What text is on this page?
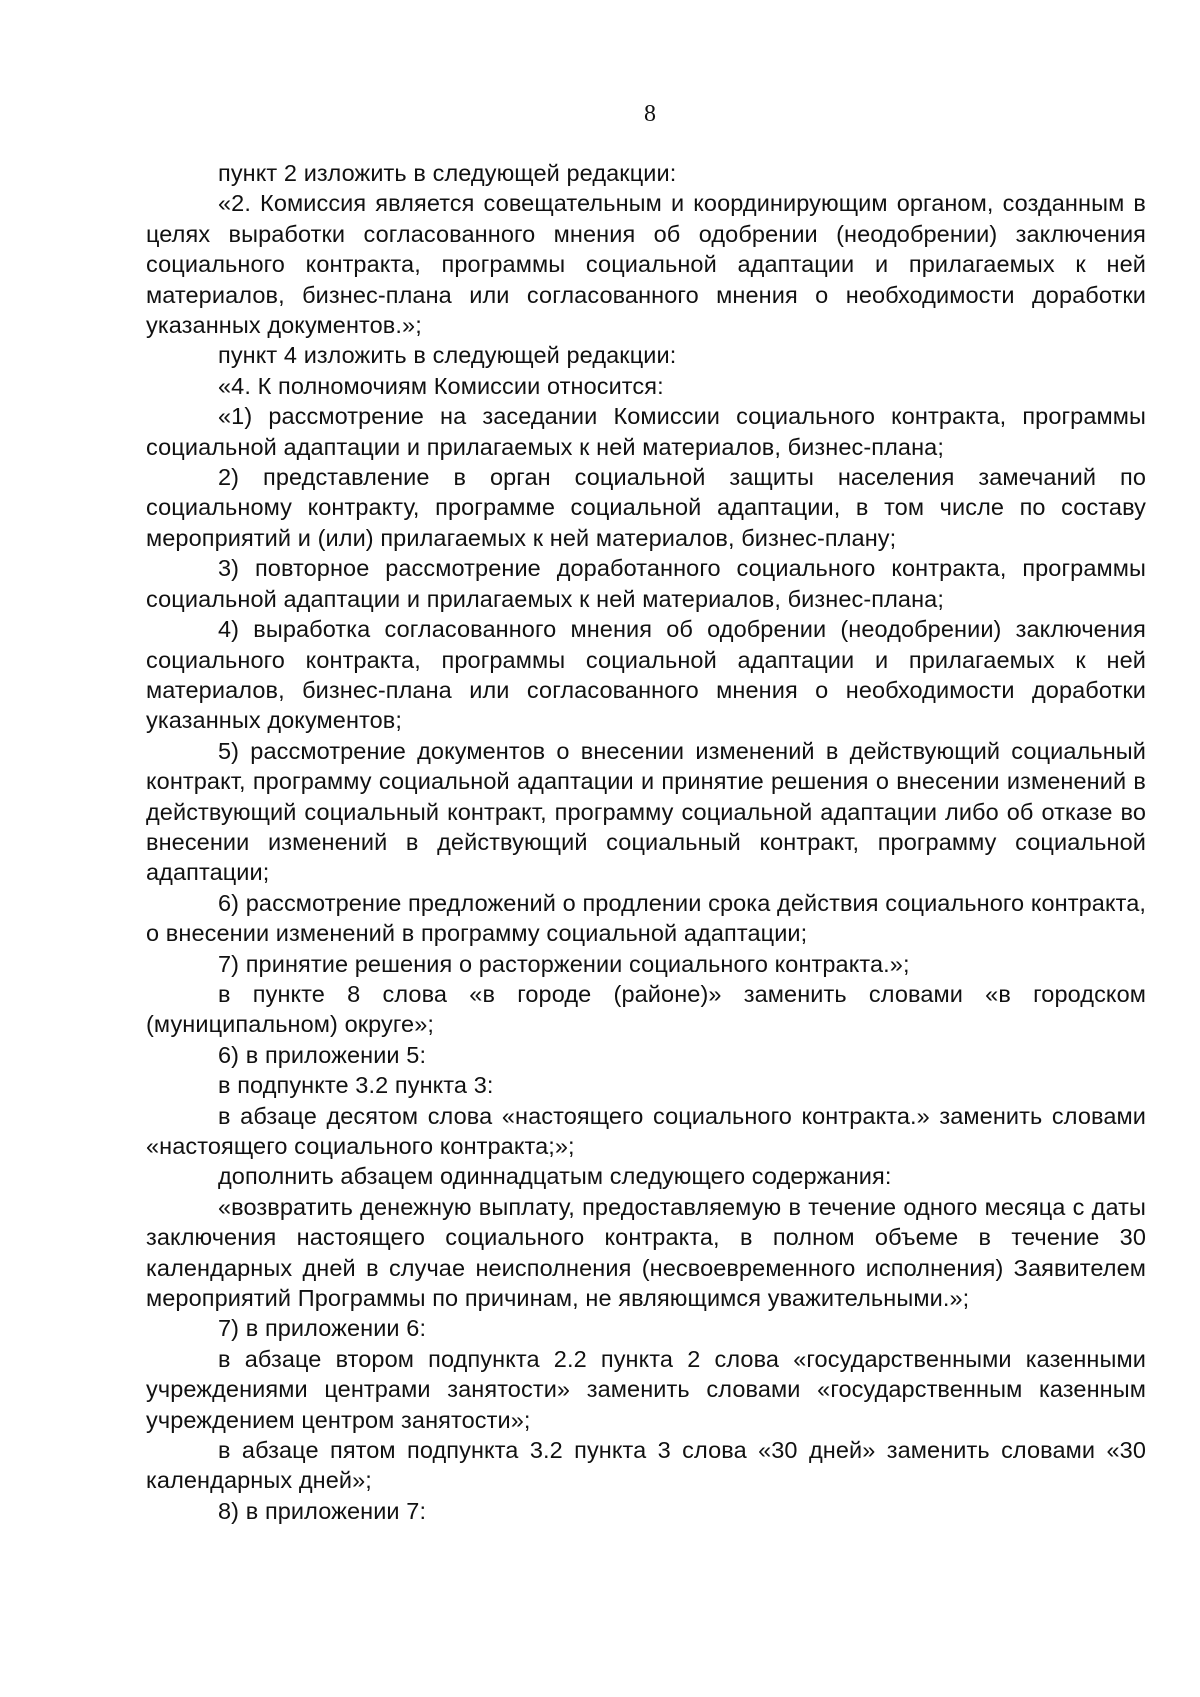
8

пункт 2 изложить в следующей редакции:

«2. Комиссия является совещательным и координирующим органом, созданным в целях выработки согласованного мнения об одобрении (неодобрении) заключения социального контракта, программы социальной адаптации и прилагаемых к ней материалов, бизнес-плана или согласованного мнения о необходимости доработки указанных документов.»;

пункт 4 изложить в следующей редакции:

«4. К полномочиям Комиссии относится:

«1) рассмотрение на заседании Комиссии социального контракта, программы социальной адаптации и прилагаемых к ней материалов, бизнес-плана;

2) представление в орган социальной защиты населения замечаний по социальному контракту, программе социальной адаптации, в том числе по составу мероприятий и (или) прилагаемых к ней материалов, бизнес-плану;

3) повторное рассмотрение доработанного социального контракта, программы социальной адаптации и прилагаемых к ней материалов, бизнес-плана;

4) выработка согласованного мнения об одобрении (неодобрении) заключения социального контракта, программы социальной адаптации и прилагаемых к ней материалов, бизнес-плана или согласованного мнения о необходимости доработки указанных документов;

5) рассмотрение документов о внесении изменений в действующий социальный контракт, программу социальной адаптации и принятие решения о внесении изменений в действующий социальный контракт, программу социальной адаптации либо об отказе во внесении изменений в действующий социальный контракт, программу социальной адаптации;

6) рассмотрение предложений о продлении срока действия социального контракта, о внесении изменений в программу социальной адаптации;

7) принятие решения о расторжении социального контракта.»;

в пункте 8 слова «в городе (районе)» заменить словами «в городском (муниципальном) округе»;

6) в приложении 5:

в подпункте 3.2 пункта 3:

в абзаце десятом слова «настоящего социального контракта.» заменить словами «настоящего социального контракта;»;

дополнить абзацем одиннадцатым следующего содержания:

«возвратить денежную выплату, предоставляемую в течение одного месяца с даты заключения настоящего социального контракта, в полном объеме в течение 30 календарных дней в случае неисполнения (несвоевременного исполнения) Заявителем мероприятий Программы по причинам, не являющимся уважительными.»;

7) в приложении 6:

в абзаце втором подпункта 2.2 пункта 2 слова «государственными казенными учреждениями центрами занятости» заменить словами «государственным казенным учреждением центром занятости»;

в абзаце пятом подпункта 3.2 пункта 3 слова «30 дней» заменить словами «30 календарных дней»;

8) в приложении 7:
